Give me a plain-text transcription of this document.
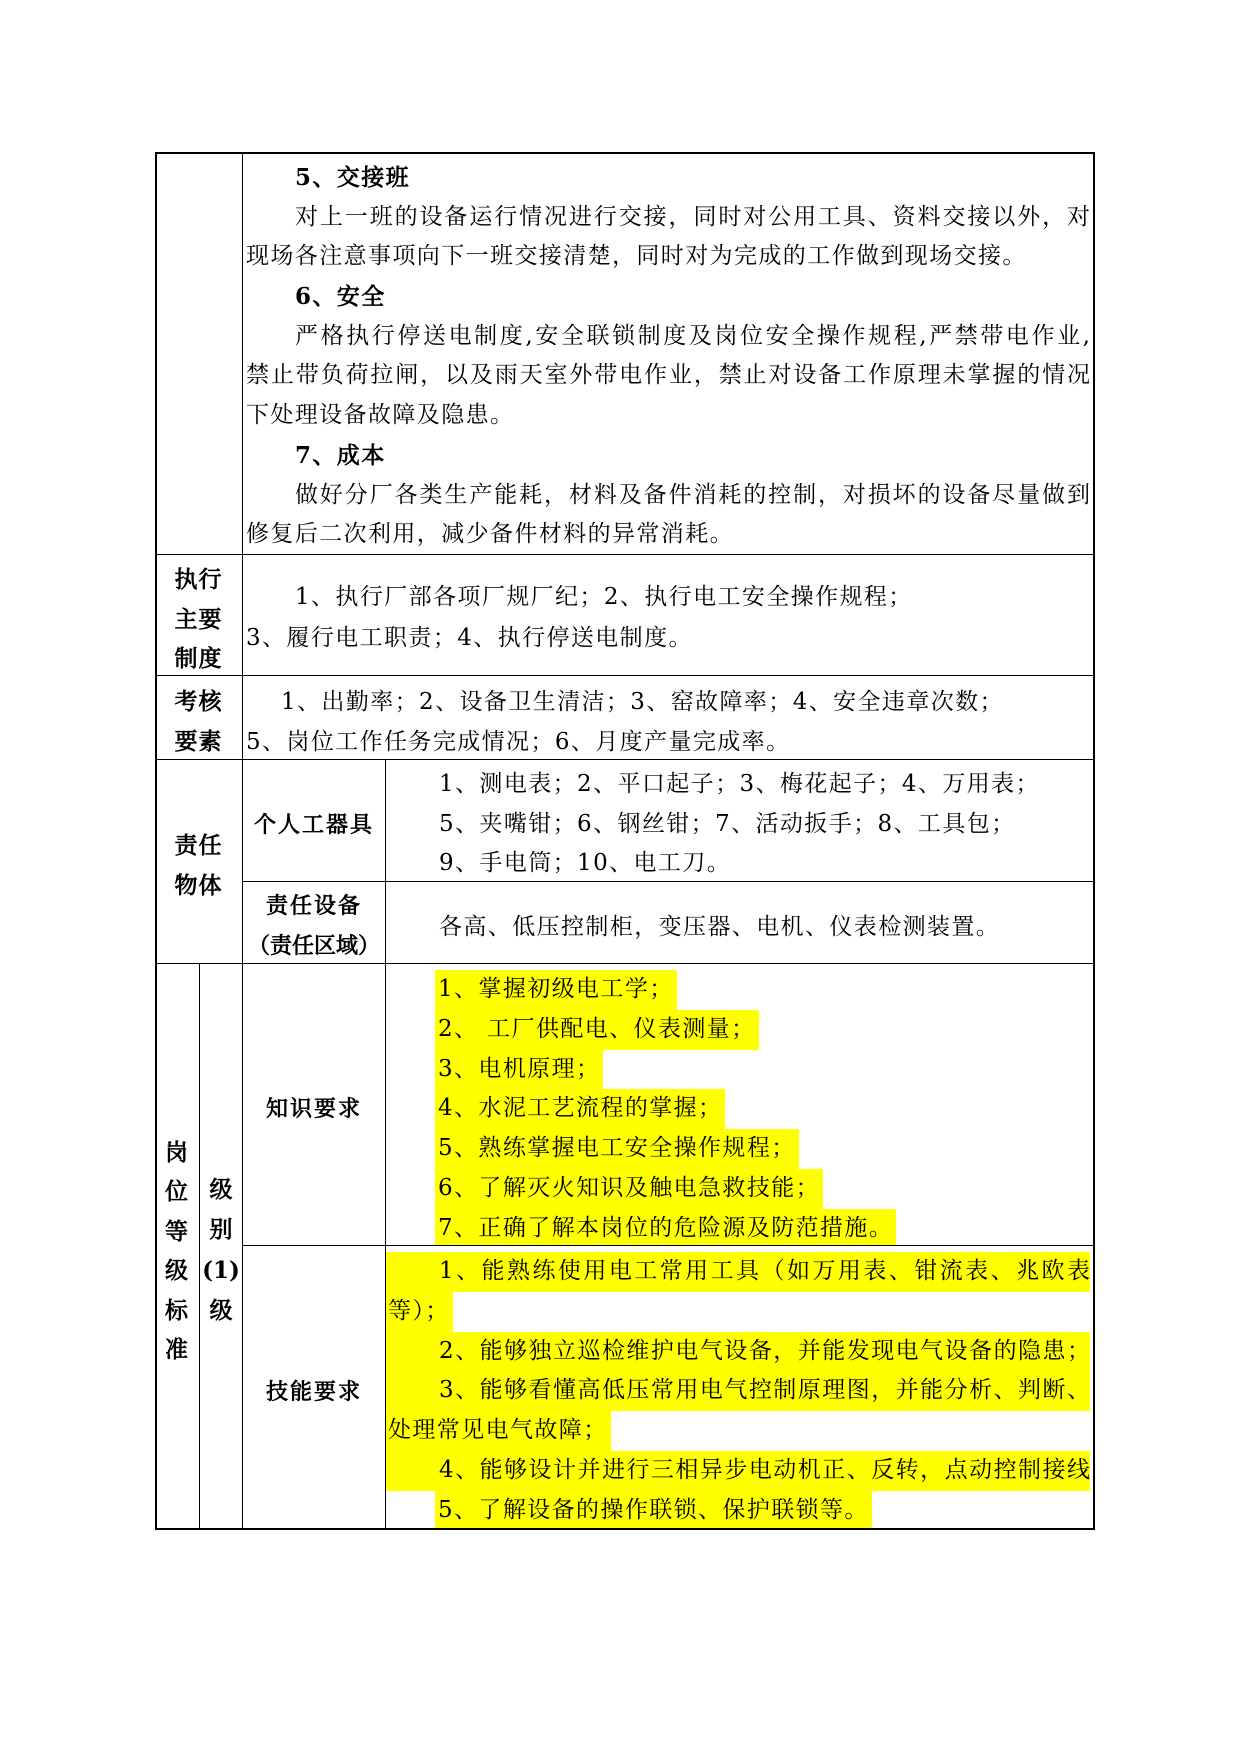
5、交接班
对上一班的设备运行情况进行交接，同时对公用工具、资料交接以外，对
现场各注意事项向下一班交接清楚，同时对为完成的工作做到现场交接。
6、安全
严格执行停送电制度,安全联锁制度及岗位安全操作规程,严禁带电作业,
禁止带负荷拉闸，以及雨天室外带电作业，禁止对设备工作原理未掌握的情况
下处理设备故障及隐患。
7、成本
做好分厂各类生产能耗，材料及备件消耗的控制，对损坏的设备尽量做到
修复后二次利用，减少备件材料的异常消耗。
执行
主要
制度
1、执行厂部各项厂规厂纪；2、执行电工安全操作规程；
3、履行电工职责；4、执行停送电制度。
考核
要素
1、出勤率；2、设备卫生清洁；3、窑故障率；4、安全违章次数；
5、岗位工作任务完成情况；6、月度产量完成率。
责任
物体
个人工器具
1、测电表；2、平口起子；3、梅花起子；4、万用表；
5、夹嘴钳；6、钢丝钳；7、活动扳手；8、工具包；
9、手电筒；10、电工刀。
责任设备
（责任区域）
各高、低压控制柜，变压器、电机、仪表检测装置。
岗
位
等
级
标
准
级
别
(1)
级
知识要求
1、掌握初级电工学；
2、 工厂供配电、仪表测量；
3、电机原理；
4、水泥工艺流程的掌握；
5、熟练掌握电工安全操作规程；
6、了解灭火知识及触电急救技能；
7、正确了解本岗位的危险源及防范措施。
技能要求
1、能熟练使用电工常用工具（如万用表、钳流表、兆欧表
等）；
2、能够独立巡检维护电气设备，并能发现电气设备的隐患；
3、能够看懂高低压常用电气控制原理图，并能分析、判断、
处理常见电气故障；
4、能够设计并进行三相异步电动机正、反转，点动控制接线
5、了解设备的操作联锁、保护联锁等。
